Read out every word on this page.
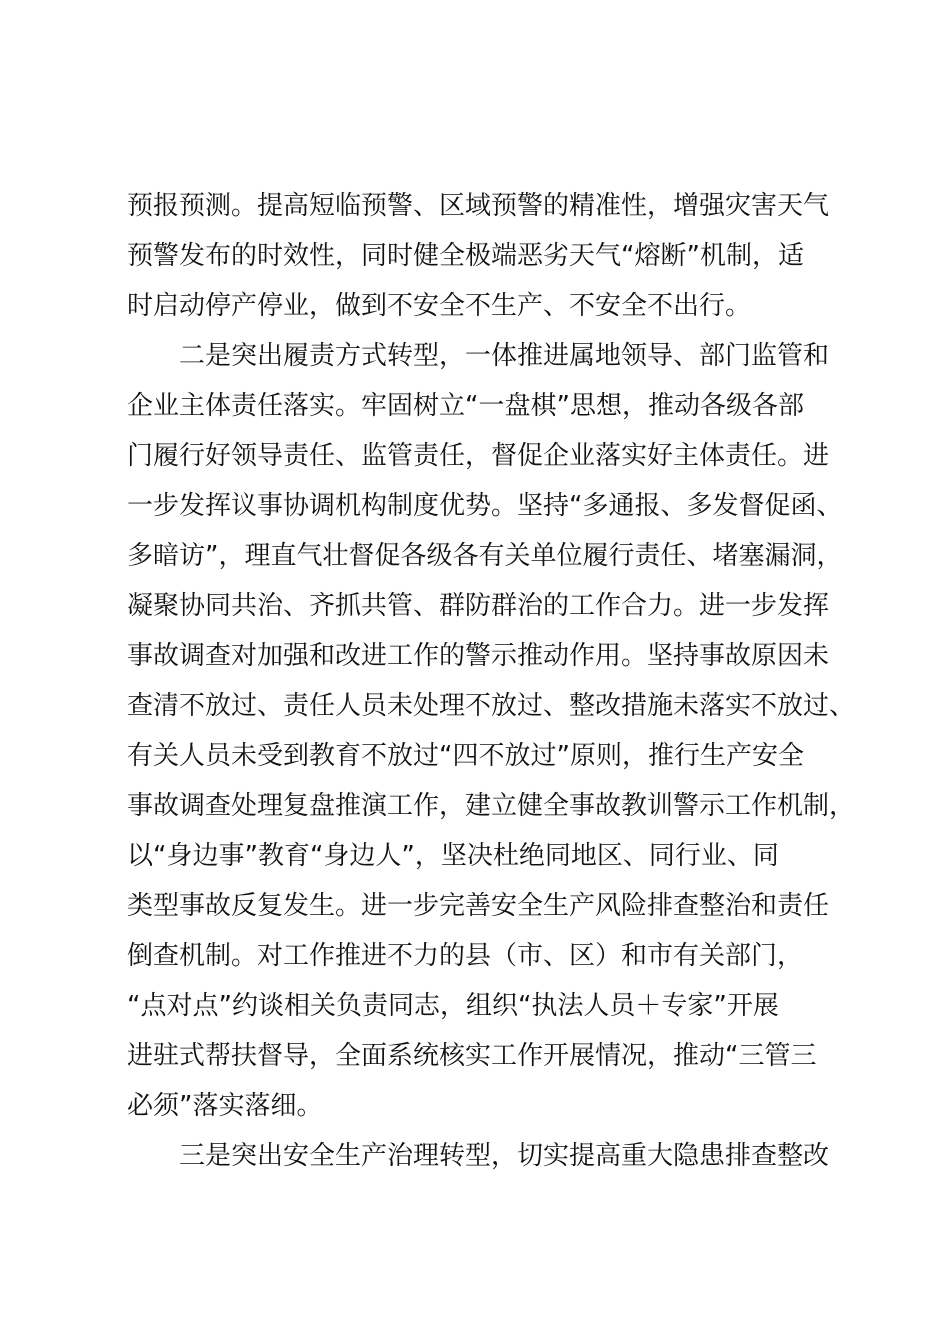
预报预测。提高短临预警、区域预警的精准性，增强灾害天气
预警发布的时效性，同时健全极端恶劣天气“熔断”机制，适
时启动停产停业，做到不安全不生产、不安全不出行。
　　二是突出履责方式转型，一体推进属地领导、部门监管和
企业主体责任落实。牢固树立“一盘棋”思想，推动各级各部
门履行好领导责任、监管责任，督促企业落实好主体责任。进
一步发挥议事协调机构制度优势。坚持“多通报、多发督促函、
多暗访”，理直气壮督促各级各有关单位履行责任、堵塞漏洞，
凝聚协同共治、齐抓共管、群防群治的工作合力。进一步发挥
事故调查对加强和改进工作的警示推动作用。坚持事故原因未
查清不放过、责任人员未处理不放过、整改措施未落实不放过、
有关人员未受到教育不放过“四不放过”原则，推行生产安全
事故调查处理复盘推演工作，建立健全事故教训警示工作机制，
以“身边事”教育“身边人”，坚决杜绝同地区、同行业、同
类型事故反复发生。进一步完善安全生产风险排查整治和责任
倒查机制。对工作推进不力的县（市、区）和市有关部门，
“点对点”约谈相关负责同志，组织“执法人员＋专家”开展
进驻式帮扶督导，全面系统核实工作开展情况，推动“三管三
必须”落实落细。
　　三是突出安全生产治理转型，切实提高重大隐患排查整改
